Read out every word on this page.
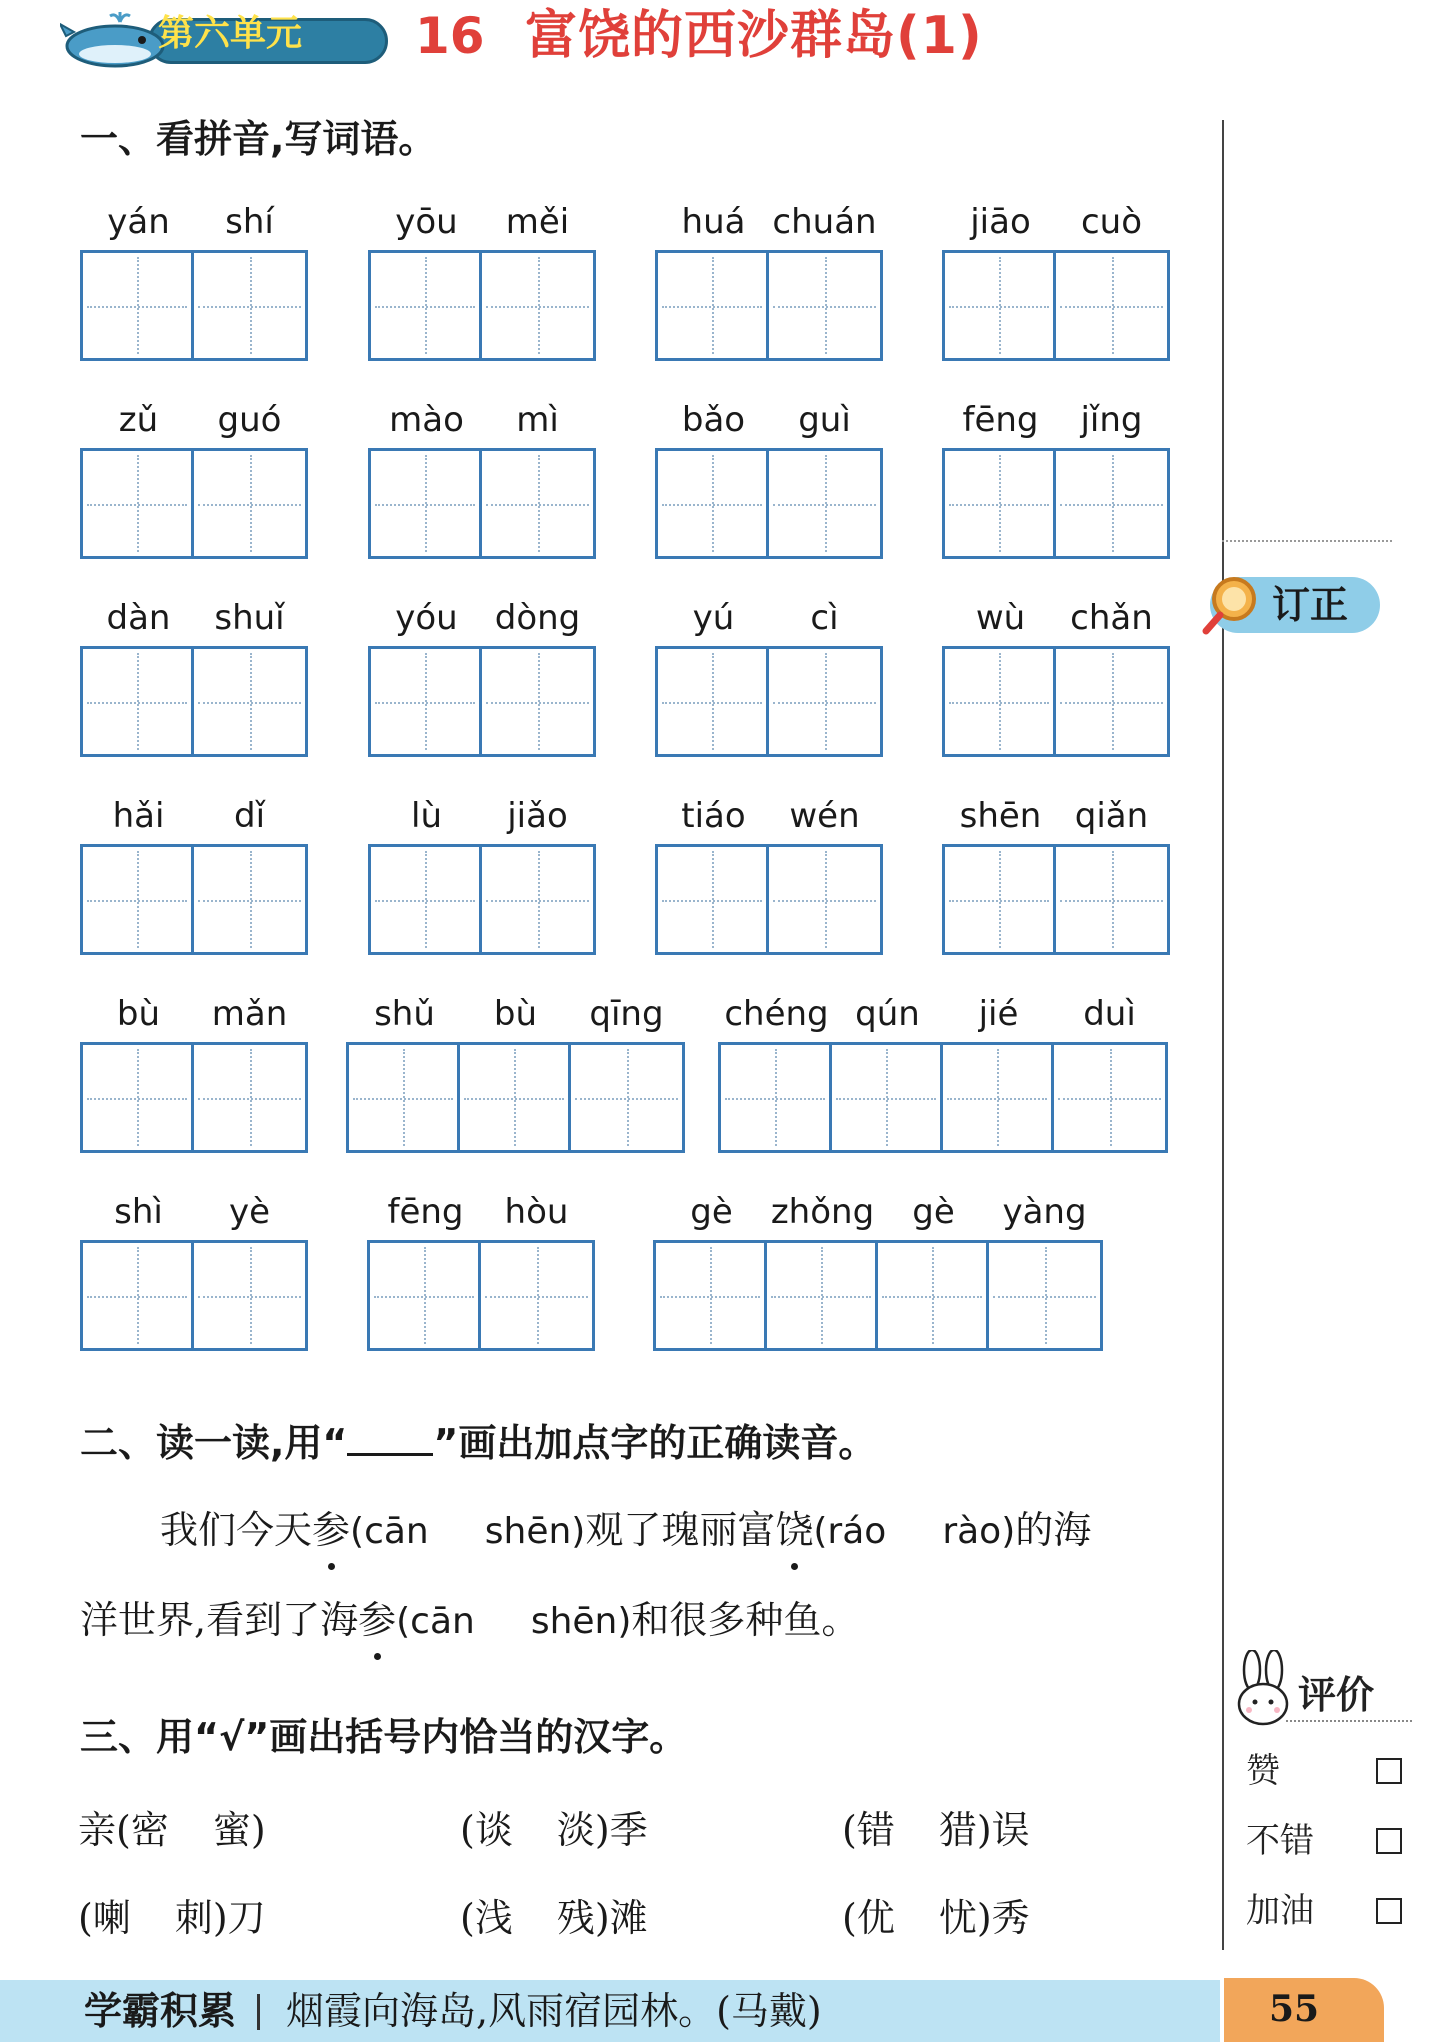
第六单元 16 富饶的西沙群岛(1)
订正
评价
赞
不错
加油
一、看拼音,写词语。
yán	shí	yōu	měi	huá chuán	jiāo	cuò
zǔ	guó	mào	mì	bǎo	guì	fēng	jǐng
dàn	shuǐ	yóu	dòng	yú	cì	wù	chǎn
hǎi	dǐ	lù	jiǎo	tiáo	wén	shēn qiǎn
bù	mǎn	shǔ	bù	qīng	chéng qún	jié	duì
shì	yè	fēng	hòu	gè	zhǒng	gè	yàng
二、读一读,用“ ”画出加点字的正确读音。
我们今天参(cān shēn)观了瑰丽富饶(ráo rào)的海
洋世界,看到了海参(cān shēn)和很多种鱼。
三、用“√”画出括号内恰当的汉字。
亲(密 蜜)	(谈 淡)季	(错 猎)误
(喇 刺)刀	(浅 残)滩	(优 忧)秀
学霸积累 烟霞向海岛,风雨宿园林。(马戴)	55
